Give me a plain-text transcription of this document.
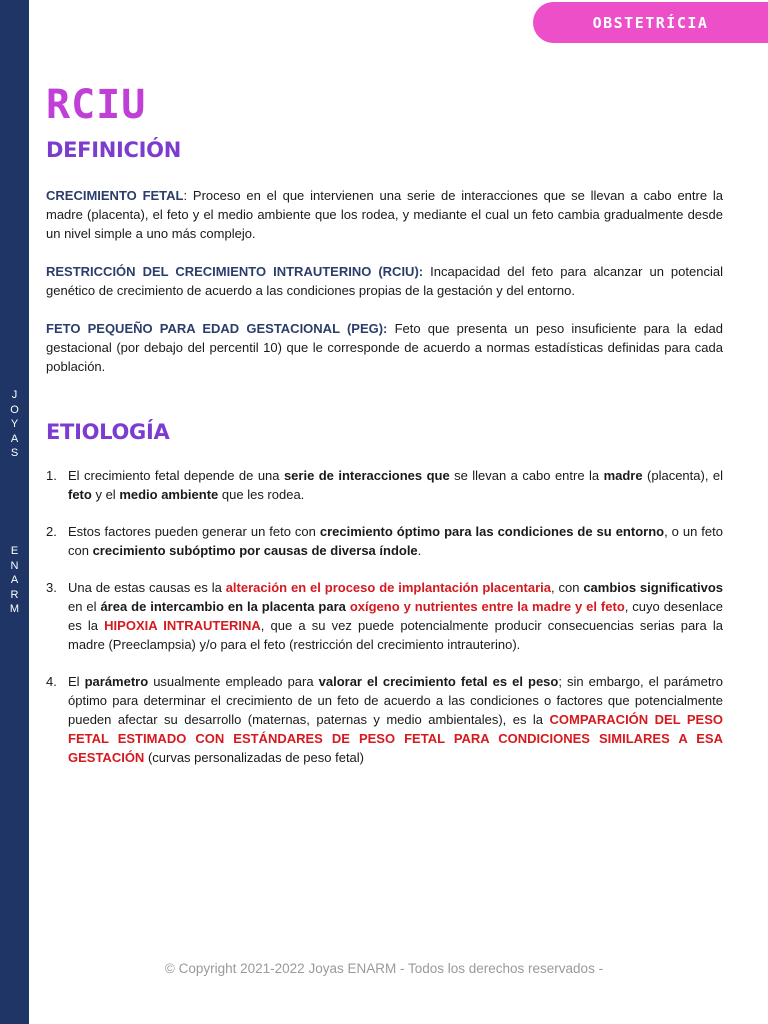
J
O
Y
A
S
E
N
A
R
M
OBSTETRÍCIA
RCIU
DEFINICIÓN

CRECIMIENTO FETAL: Proceso en el que intervienen una serie de interacciones que se llevan a cabo entre la madre (placenta), el feto y el medio ambiente que los rodea, y mediante el cual un feto cambia gradualmente desde un nivel simple a uno más complejo.

RESTRICCIÓN DEL CRECIMIENTO INTRAUTERINO (RCIU): Incapacidad del feto para alcanzar un potencial genético de crecimiento de acuerdo a las condiciones propias de la gestación y del entorno.

FETO PEQUEÑO PARA EDAD GESTACIONAL (PEG): Feto que presenta un peso insuficiente para la edad gestacional (por debajo del percentil 10) que le corresponde de acuerdo a normas estadísticas definidas para cada población.

ETIOLOGÍA
1. El crecimiento fetal depende de una serie de interacciones que se llevan a cabo entre la madre (placenta), el feto y el medio ambiente que les rodea.
2. Estos factores pueden generar un feto con crecimiento óptimo para las condiciones de su entorno, o un feto con crecimiento subóptimo por causas de diversa índole.
3. Una de estas causas es la alteración en el proceso de implantación placentaria, con cambios significativos en el área de intercambio en la placenta para oxígeno y nutrientes entre la madre y el feto, cuyo desenlace es la HIPOXIA INTRAUTERINA, que a su vez puede potencialmente producir consecuencias serias para la madre (Preeclampsia) y/o para el feto (restricción del crecimiento intrauterino).
4. El parámetro usualmente empleado para valorar el crecimiento fetal es el peso; sin embargo, el parámetro óptimo para determinar el crecimiento de un feto de acuerdo a las condiciones o factores que potencialmente pueden afectar su desarrollo (maternas, paternas y medio ambientales), es la COMPARACIÓN DEL PESO FETAL ESTIMADO CON ESTÁNDARES DE PESO FETAL PARA CONDICIONES SIMILARES A ESA GESTACIÓN (curvas personalizadas de peso fetal)
© Copyright 2021-2022 Joyas ENARM - Todos los derechos reservados -
